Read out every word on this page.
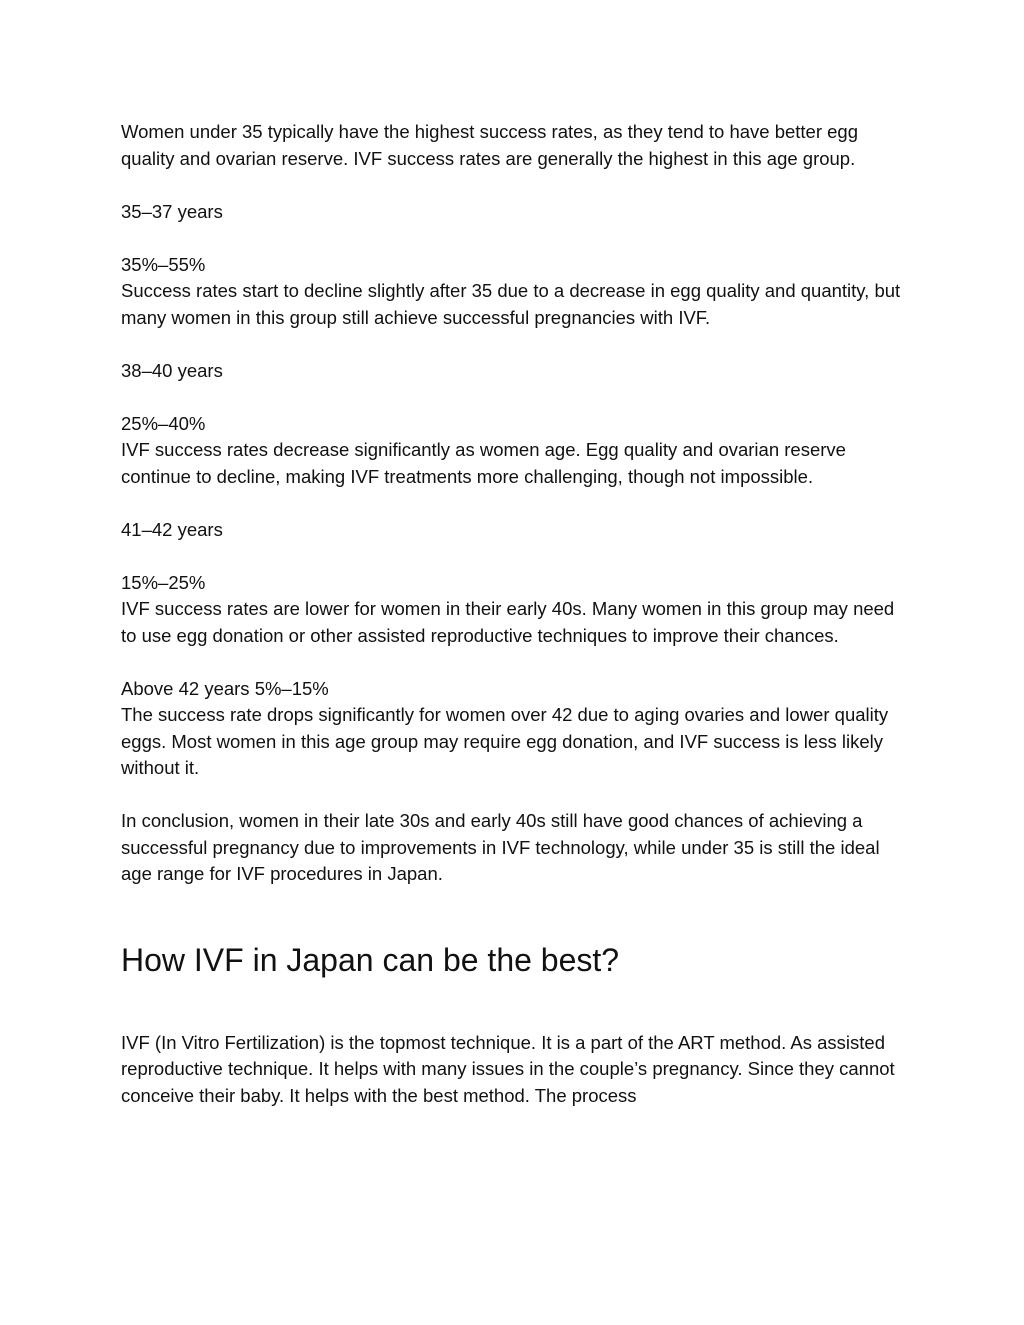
Women under 35 typically have the highest success rates, as they tend to have better egg quality and ovarian reserve. IVF success rates are generally the highest in this age group.

35–37 years

35%–55%

Success rates start to decline slightly after 35 due to a decrease in egg quality and quantity, but many women in this group still achieve successful pregnancies with IVF.

38–40 years

25%–40%

IVF success rates decrease significantly as women age. Egg quality and ovarian reserve continue to decline, making IVF treatments more challenging, though not impossible.

41–42 years

15%–25%

IVF success rates are lower for women in their early 40s. Many women in this group may need to use egg donation or other assisted reproductive techniques to improve their chances.

Above 42 years 5%–15%

The success rate drops significantly for women over 42 due to aging ovaries and lower quality eggs. Most women in this age group may require egg donation, and IVF success is less likely without it.

In conclusion, women in their late 30s and early 40s still have good chances of achieving a successful pregnancy due to improvements in IVF technology, while under 35 is still the ideal age range for IVF procedures in Japan.

How IVF in Japan can be the best?

IVF (In Vitro Fertilization) is the topmost technique. It is a part of the ART method. As assisted reproductive technique. It helps with many issues in the couple’s pregnancy. Since they cannot conceive their baby. It helps with the best method. The process
